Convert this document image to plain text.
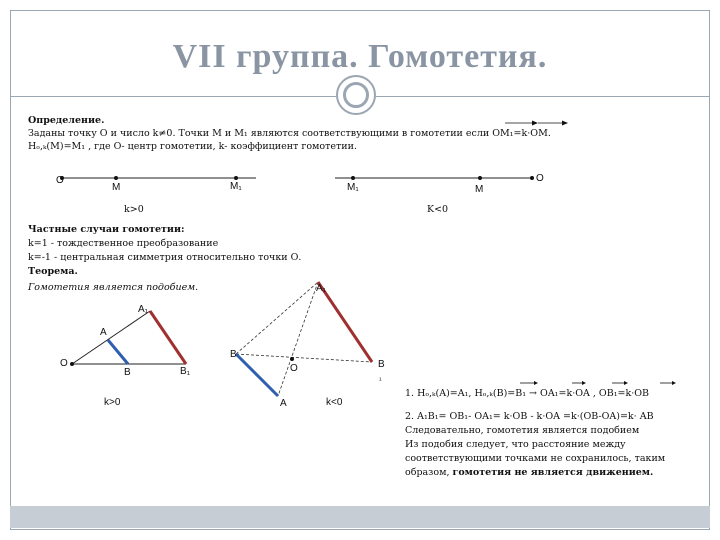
VII группа. Гомотетия.
Определение.
Заданы точку О и число k≠0. Точки М и М₁ являются соответствующими в гомотетии если ОМ₁=k·ОМ.
Hₒ,ₖ(М)=М₁ , где О- центр гомотетии, k- коэффициент гомотетии.
O
M	M₁
k>0
M₁	M
O
K<0
Частные случаи гомотетии:
k=1 - тождественное преобразование
k=-1 - центральная симметрия относительно точки О.
Теорема.
Гомотетия является подобием.
A₁
A
O
B	B₁
k>0
A₁
B
O	B
₁
A	k<0
1. Hₒ,ₖ(A)=A₁, Hₒ,ₖ(B)=B₁ → OA₁=k·OA , OB₁=k·OB
2. A₁B₁= OB₁- OA₁= k·OB - k·OA =k·(OB-OA)=k· AB
Следовательно, гомотетия является подобием
Из подобия следует, что расстояние между
соответствующими точками не сохранилось, таким
образом, гомотетия не является движением.
